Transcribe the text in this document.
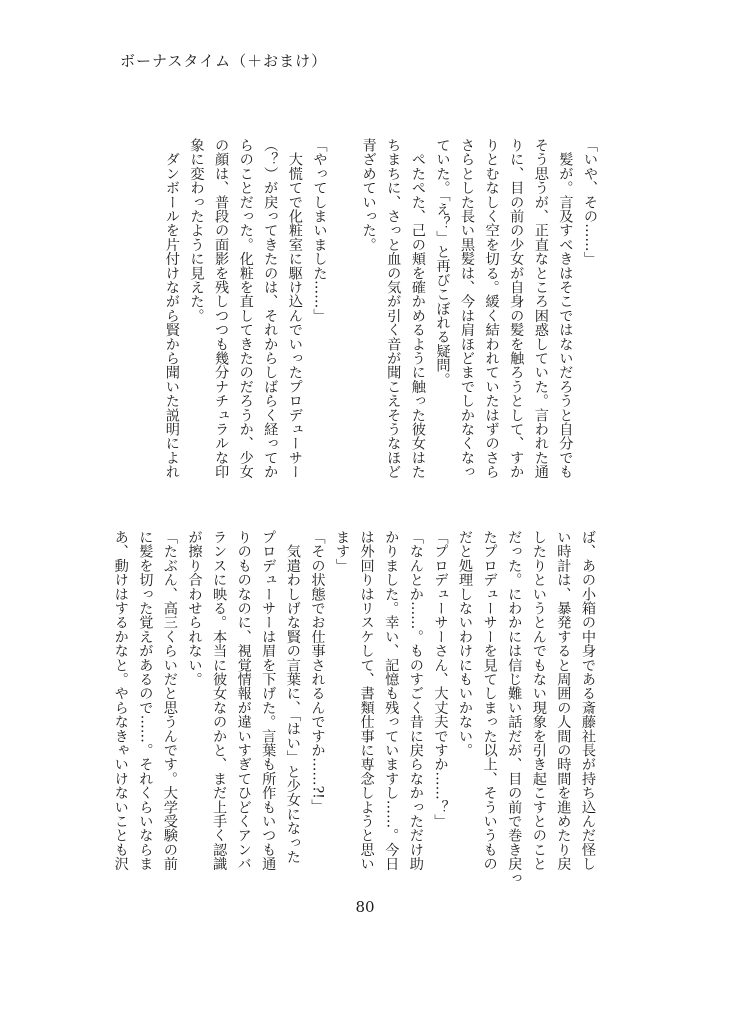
ボーナスタイム（＋おまけ）

「いや、その……」

　髪が。言及すべきはそこではないだろうと自分でも

そう思うが、正直なところ困惑していた。言われた通

りに、目の前の少女が自身の髪を触ろうとして、すか

りとむなしく空を切る。緩く結われていたはずのさら

さらとした長い黒髪は、今は肩ほどまでしかなくなっ

ていた。「え？」と再びこぼれる疑問。

　ぺたぺた、己の頬を確かめるように触った彼女はた

ちまちに、さっと血の気が引く音が聞こえそうなほど

青ざめていった。

「やってしまいました……」

　大慌てで化粧室に駆け込んでいったプロデューサー

（？）が戻ってきたのは、それからしばらく経ってか

らのことだった。化粧を直してきたのだろうか、少女

の顔は、普段の面影を残しつつも幾分ナチュラルな印

象に変わったように見えた。

　ダンボールを片付けながら賢から聞いた説明によれ

ば、あの小箱の中身である斎藤社長が持ち込んだ怪し

い時計は、暴発すると周囲の人間の時間を進めたり戻

したりというとんでもない現象を引き起こすとのこと

だった。にわかには信じ難い話だが、目の前で巻き戻っ

たプロデューサーを見てしまった以上、そういうもの

だと処理しないわけにもいかない。

「プロデューサーさん、大丈夫ですか……？」

「なんとか……。ものすごく昔に戻らなかっただけ助

かりました。幸い、記憶も残っていますし……。今日

は外回りはリスケして、書類仕事に専念しようと思い

ます」

「その状態でお仕事されるんですか……?!」

　気遣わしげな賢の言葉に、「はい」と少女になった

プロデューサーは眉を下げた。言葉も所作もいつも通

りのものなのに、視覚情報が違いすぎてひどくアンバ

ランスに映る。本当に彼女なのかと、まだ上手く認識

が擦り合わせられない。

「たぶん、高三くらいだと思うんです。大学受験の前

に髪を切った覚えがあるので……。それくらいならま

あ、動けはするかなと。やらなきゃいけないことも沢

80
